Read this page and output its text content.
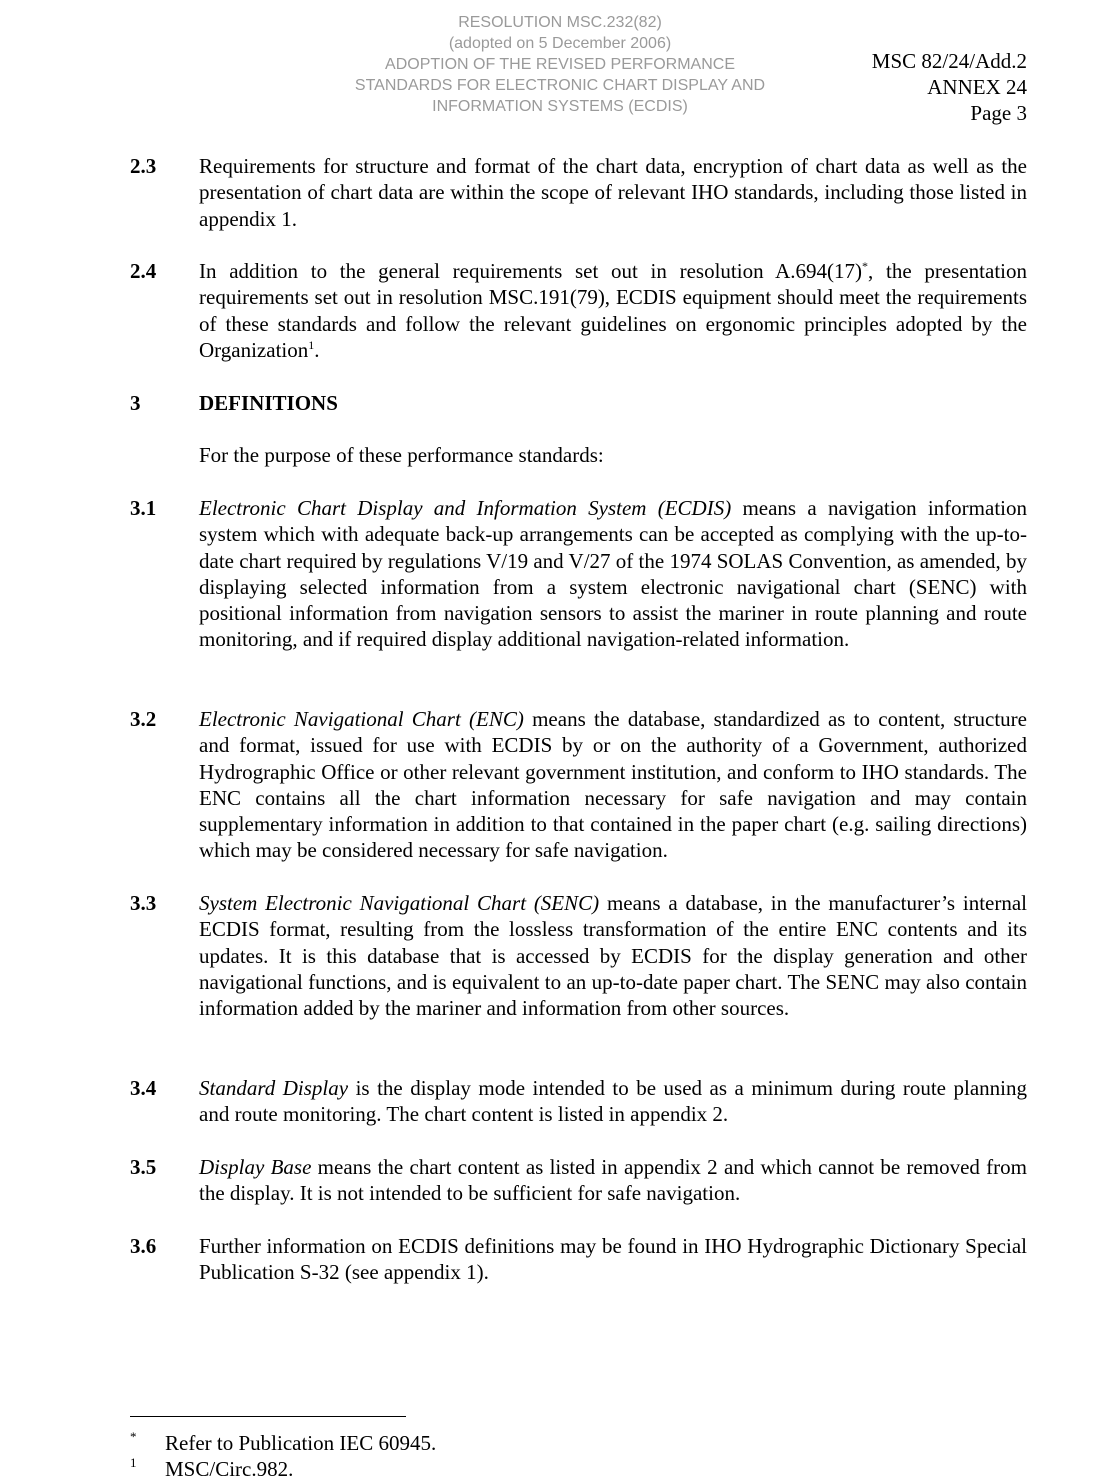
RESOLUTION MSC.232(82)
(adopted on 5 December 2006)
ADOPTION OF THE REVISED PERFORMANCE
STANDARDS FOR ELECTRONIC CHART DISPLAY AND
INFORMATION SYSTEMS (ECDIS)
MSC 82/24/Add.2
ANNEX 24
Page 3
2.3 Requirements for structure and format of the chart data, encryption of chart data as well as the presentation of chart data are within the scope of relevant IHO standards, including those listed in appendix 1.
2.4 In addition to the general requirements set out in resolution A.694(17)*, the presentation requirements set out in resolution MSC.191(79), ECDIS equipment should meet the requirements of these standards and follow the relevant guidelines on ergonomic principles adopted by the Organization$^1$.
3	DEFINITIONS
For the purpose of these performance standards:
3.1 Electronic Chart Display and Information System (ECDIS) means a navigation information system which with adequate back-up arrangements can be accepted as complying with the up-to-date chart required by regulations V/19 and V/27 of the 1974 SOLAS Convention, as amended, by displaying selected information from a system electronic navigational chart (SENC) with positional information from navigation sensors to assist the mariner in route planning and route monitoring, and if required display additional navigation-related information.
3.2 Electronic Navigational Chart (ENC) means the database, standardized as to content, structure and format, issued for use with ECDIS by or on the authority of a Government, authorized Hydrographic Office or other relevant government institution, and conform to IHO standards. The ENC contains all the chart information necessary for safe navigation and may contain supplementary information in addition to that contained in the paper chart (e.g. sailing directions) which may be considered necessary for safe navigation.
3.3 System Electronic Navigational Chart (SENC) means a database, in the manufacturer’s internal ECDIS format, resulting from the lossless transformation of the entire ENC contents and its updates. It is this database that is accessed by ECDIS for the display generation and other navigational functions, and is equivalent to an up-to-date paper chart. The SENC may also contain information added by the mariner and information from other sources.
3.4 Standard Display is the display mode intended to be used as a minimum during route planning and route monitoring. The chart content is listed in appendix 2.
3.5 Display Base means the chart content as listed in appendix 2 and which cannot be removed from the display. It is not intended to be sufficient for safe navigation.
3.6 Further information on ECDIS definitions may be found in IHO Hydrographic Dictionary Special Publication S-32 (see appendix 1).
* Refer to Publication IEC 60945.
1 MSC/Circ.982.
